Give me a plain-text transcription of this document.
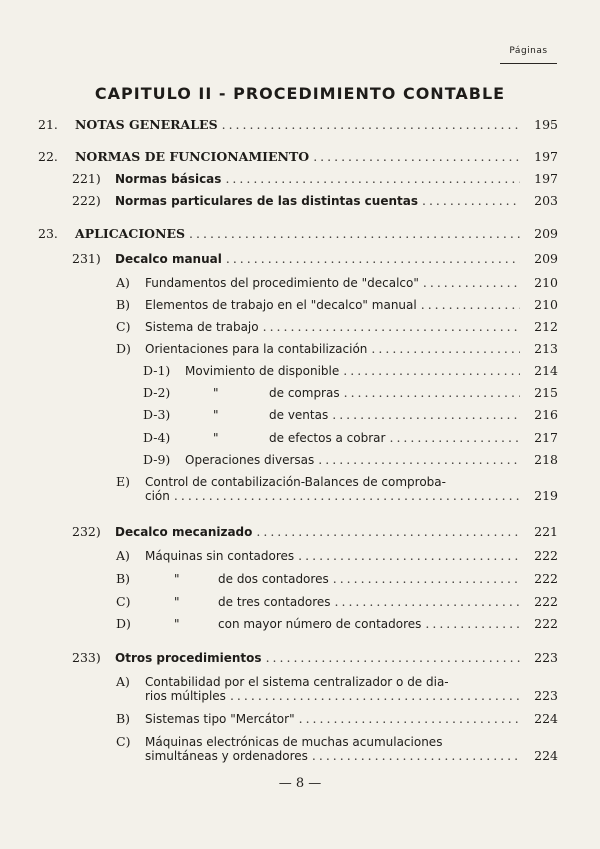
Páginas
CAPITULO II - PROCEDIMIENTO CONTABLE
21.	NOTAS GENERALES .....	195
22.	NORMAS DE FUNCIONAMIENTO .....	197
221)	Normas básicas .....	197
222)	Normas particulares de las distintas cuentas .....	203
23.	APLICACIONES .....	209
231)	Decalco manual .....	209
A)	Fundamentos del procedimiento de "decalco" .....	210
B)	Elementos de trabajo en el "decalco" manual .....	210
C)	Sistema de trabajo .....	212
D)	Orientaciones para la contabilización .....	213
D-1)	Movimiento de disponible .....	214
D-2)	"	de compras .....	215
D-3)	"	de ventas .....	216
D-4)	"	de efectos a cobrar .....	217
D-9)	Operaciones diversas .....	218
E)	Control de contabilización-Balances de comproba-
ción .....	219
232)	Decalco mecanizado .....	221
A)	Máquinas sin contadores .....	222
B)	"	de dos contadores .....	222
C)	"	de tres contadores .....	222
D)	"	con mayor número de contadores .....	222
233)	Otros procedimientos .....	223
A)	Contabilidad por el sistema centralizador o de dia-
rios múltiples .....	223
B)	Sistemas tipo "Mercátor" .....	224
C)	Máquinas electrónicas de muchas acumulaciones
simultáneas y ordenadores .....	224
— 8 —
